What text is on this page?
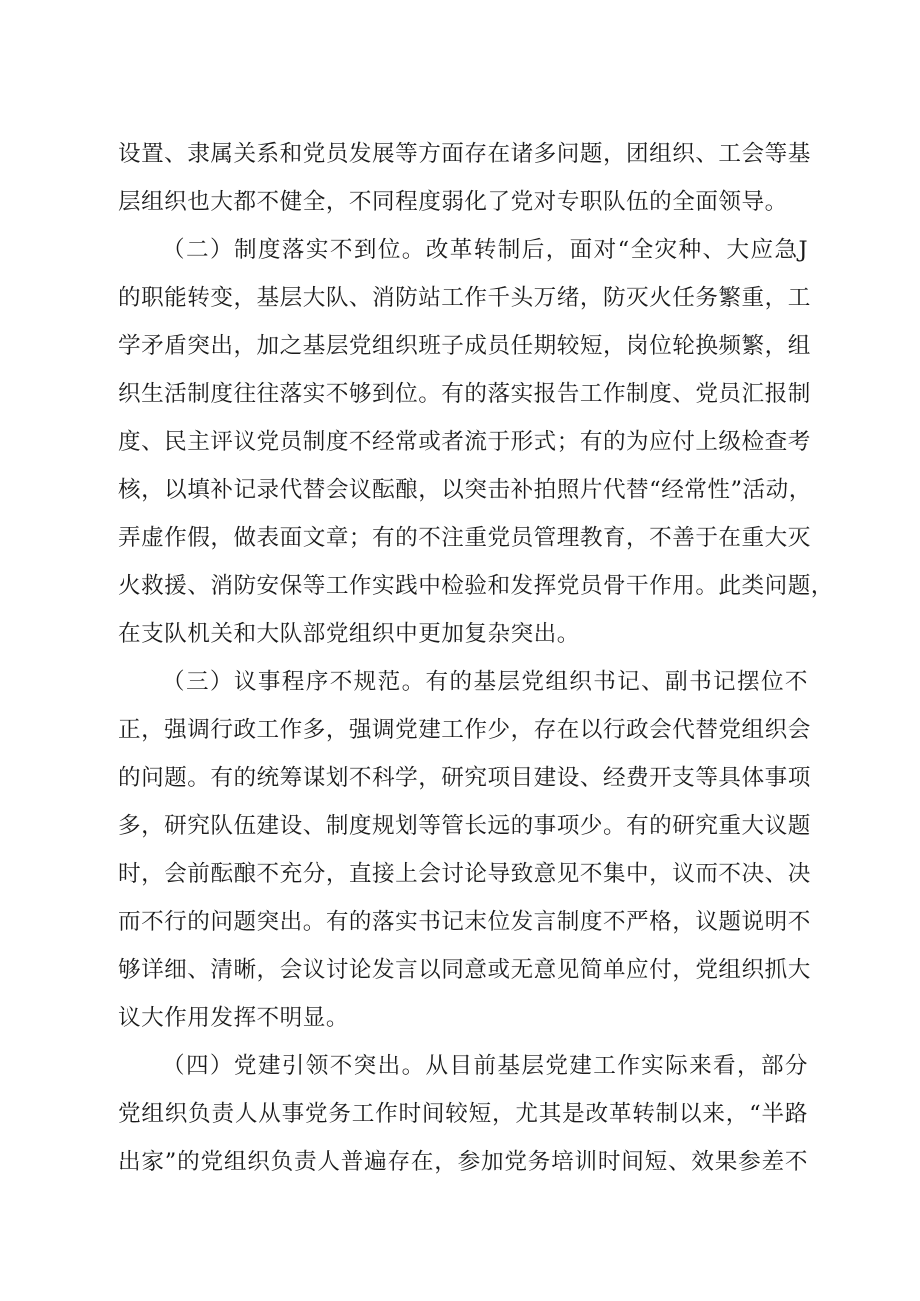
设置、隶属关系和党员发展等方面存在诸多问题，团组织、工会等基
层组织也大都不健全，不同程度弱化了党对专职队伍的全面领导。
（二）制度落实不到位。改革转制后，面对“全灾种、大应急J
的职能转变，基层大队、消防站工作千头万绪，防灭火任务繁重，工
学矛盾突出，加之基层党组织班子成员任期较短，岗位轮换频繁，组
织生活制度往往落实不够到位。有的落实报告工作制度、党员汇报制
度、民主评议党员制度不经常或者流于形式；有的为应付上级检查考
核，以填补记录代替会议酝酿，以突击补拍照片代替“经常性”活动，
弄虚作假，做表面文章；有的不注重党员管理教育，不善于在重大灭
火救援、消防安保等工作实践中检验和发挥党员骨干作用。此类问题，
在支队机关和大队部党组织中更加复杂突出。
（三）议事程序不规范。有的基层党组织书记、副书记摆位不
正，强调行政工作多，强调党建工作少，存在以行政会代替党组织会
的问题。有的统筹谋划不科学，研究项目建设、经费开支等具体事项
多，研究队伍建设、制度规划等管长远的事项少。有的研究重大议题
时，会前酝酿不充分，直接上会讨论导致意见不集中，议而不决、决
而不行的问题突出。有的落实书记末位发言制度不严格，议题说明不
够详细、清晰，会议讨论发言以同意或无意见简单应付，党组织抓大
议大作用发挥不明显。
（四）党建引领不突出。从目前基层党建工作实际来看，部分
党组织负责人从事党务工作时间较短，尤其是改革转制以来，“半路
出家”的党组织负责人普遍存在，参加党务培训时间短、效果参差不
